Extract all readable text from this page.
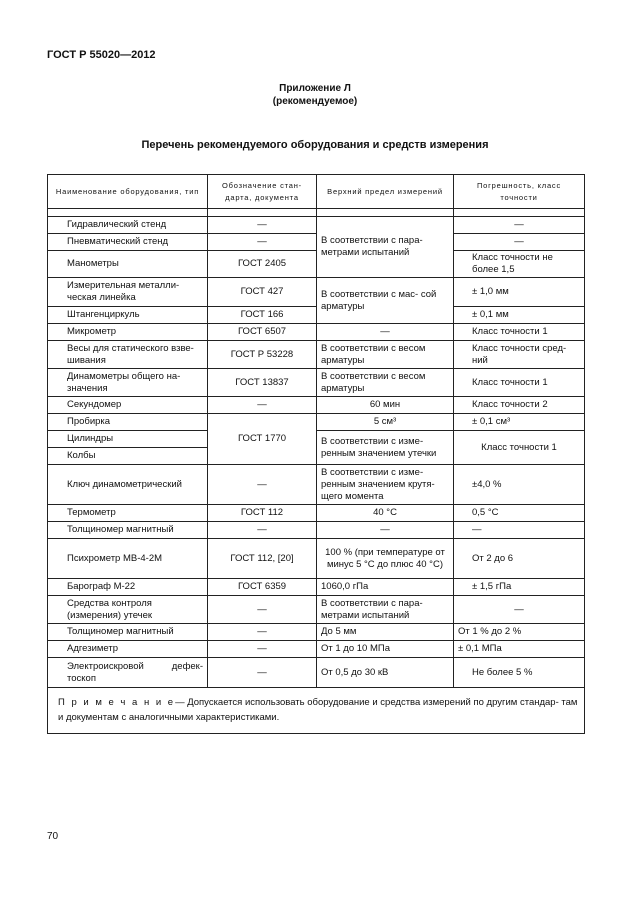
ГОСТ Р 55020—2012
Приложение Л
(рекомендуемое)
Перечень рекомендуемого оборудования и средств измерения
Наименование оборудования, тип	Обозначение стан- дарта, документа	Верхний предел измерений	Погрешность, класс точности

Гидравлический стенд	—	В соответствии с пара- метрами испытаний	—
Пневматический стенд	—		—
Манометры	ГОСТ 2405		Класс точности не более 1,5
Измерительная металли- ческая линейка	ГОСТ 427	В соответствии с мас- сой арматуры	± 1,0 мм
Штангенциркуль	ГОСТ 166		± 0,1 мм
Микрометр	ГОСТ 6507	—	Класс точности 1
Весы для статического взве- шивания	ГОСТ Р 53228	В соответствии с весом арматуры	Класс точности сред- ний
Динамометры общего на- значения	ГОСТ 13837	В соответствии с весом арматуры	Класс точности 1
Секундомер	—	60 мин	Класс точности 2
Пробирка	ГОСТ 1770	5 см³	± 0,1 см³
Цилиндры		В соответствии с изме- ренным значением утечки	Класс точности 1
Колбы			
Ключ динамометрический	—	В соответствии с изме- ренным значением крутя- щего момента	±4,0 %
Термометр	ГОСТ 112	40 °С	0,5 °С
Толщиномер магнитный	—	—	—
Психрометр МВ-4-2М	ГОСТ 112, [20]	100 % (при температуре от минус 5 °С до плюс 40 °С)	От 2 до 6
Барограф М-22	ГОСТ 6359	1060,0 гПа	± 1,5 гПа
Средства контроля (измерения) утечек	—	В соответствии с пара- метрами испытаний	—
Толщиномер магнитный	—	До 5 мм	От 1 % до 2 %
Адгезиметр	—	От 1 до 10 МПа	± 0,1 МПа
Электроискровой дефек- тоскоп	—	От 0,5 до 30 кВ	Не более 5 %
П р и м е ч а н и е— Допускается использовать оборудование и средства измерений по другим стандар- там и документам с аналогичными характеристиками.			
70
